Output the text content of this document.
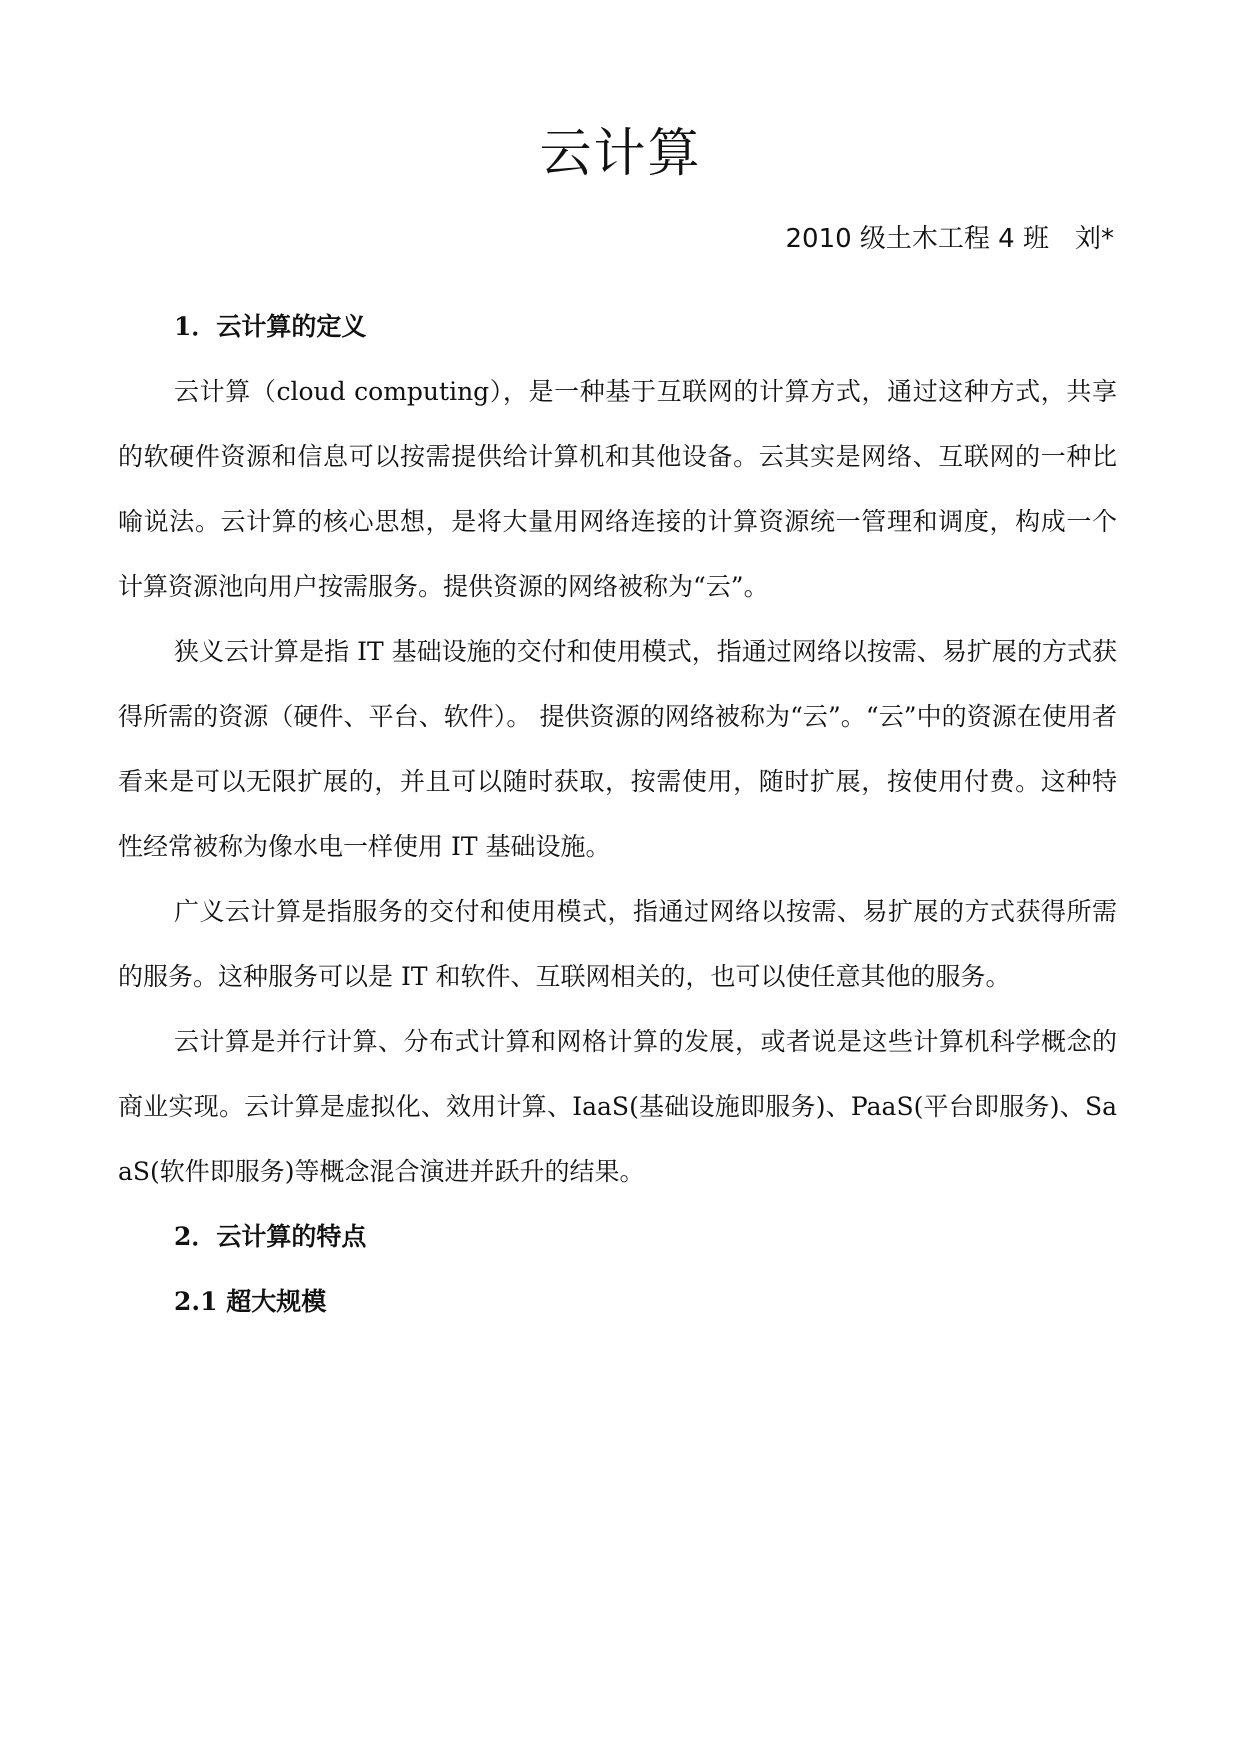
云计算
2010 级土木工程 4 班　刘*

1．云计算的定义

云计算（cloud computing），是一种基于互联网的计算方式，通过这种方式，共享的软硬件资源和信息可以按需提供给计算机和其他设备。云其实是网络、互联网的一种比喻说法。云计算的核心思想，是将大量用网络连接的计算资源统一管理和调度，构成一个计算资源池向用户按需服务。提供资源的网络被称为“云”。

狭义云计算是指 IT 基础设施的交付和使用模式，指通过网络以按需、易扩展的方式获得所需的资源（硬件、平台、软件）。 提供资源的网络被称为“云”。“云”中的资源在使用者看来是可以无限扩展的，并且可以随时获取，按需使用，随时扩展，按使用付费。这种特性经常被称为像水电一样使用 IT 基础设施。

广义云计算是指服务的交付和使用模式，指通过网络以按需、易扩展的方式获得所需的服务。这种服务可以是 IT 和软件、互联网相关的，也可以使任意其他的服务。

云计算是并行计算、分布式计算和网格计算的发展，或者说是这些计算机科学概念的商业实现。云计算是虚拟化、效用计算、IaaS(基础设施即服务)、PaaS(平台即服务)、SaaS(软件即服务)等概念混合演进并跃升的结果。

2．云计算的特点

2.1 超大规模
